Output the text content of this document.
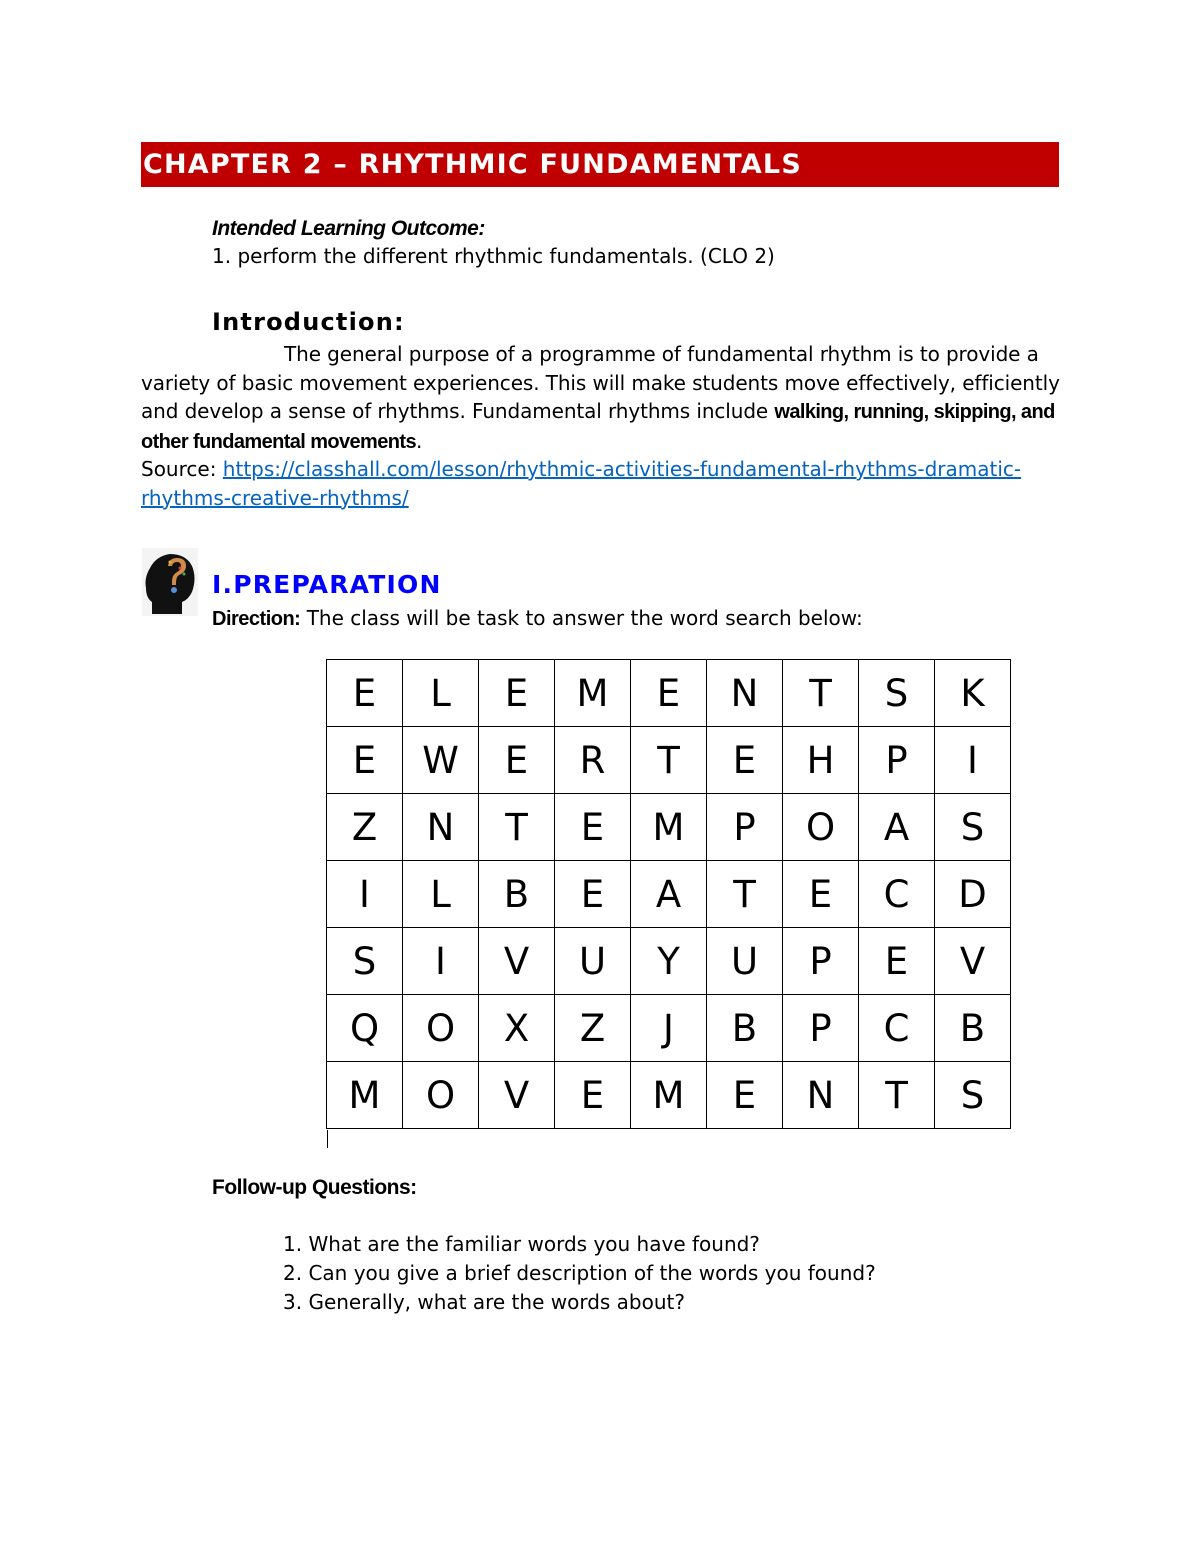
CHAPTER 2 – RHYTHMIC FUNDAMENTALS
Intended Learning Outcome:
1. perform the different rhythmic fundamentals. (CLO 2)
Introduction:
The general purpose of a programme of fundamental rhythm is to provide a variety of basic movement experiences. This will make students move effectively, efficiently and develop a sense of rhythms. Fundamental rhythms include walking, running, skipping, and other fundamental movements.
Source: https://classhall.com/lesson/rhythmic-activities-fundamental-rhythms-dramatic-rhythms-creative-rhythms/
I.PREPARATION
Direction: The class will be task to answer the word search below:
E	L	E	M	E	N	T	S	K
E	W	E	R	T	E	H	P	I
Z	N	T	E	M	P	O	A	S
I	L	B	E	A	T	E	C	D
S	I	V	U	Y	U	P	E	V
Q	O	X	Z	J	B	P	C	B
M	O	V	E	M	E	N	T	S
Follow-up Questions:
1. What are the familiar words you have found?
2. Can you give a brief description of the words you found?
3. Generally, what are the words about?
